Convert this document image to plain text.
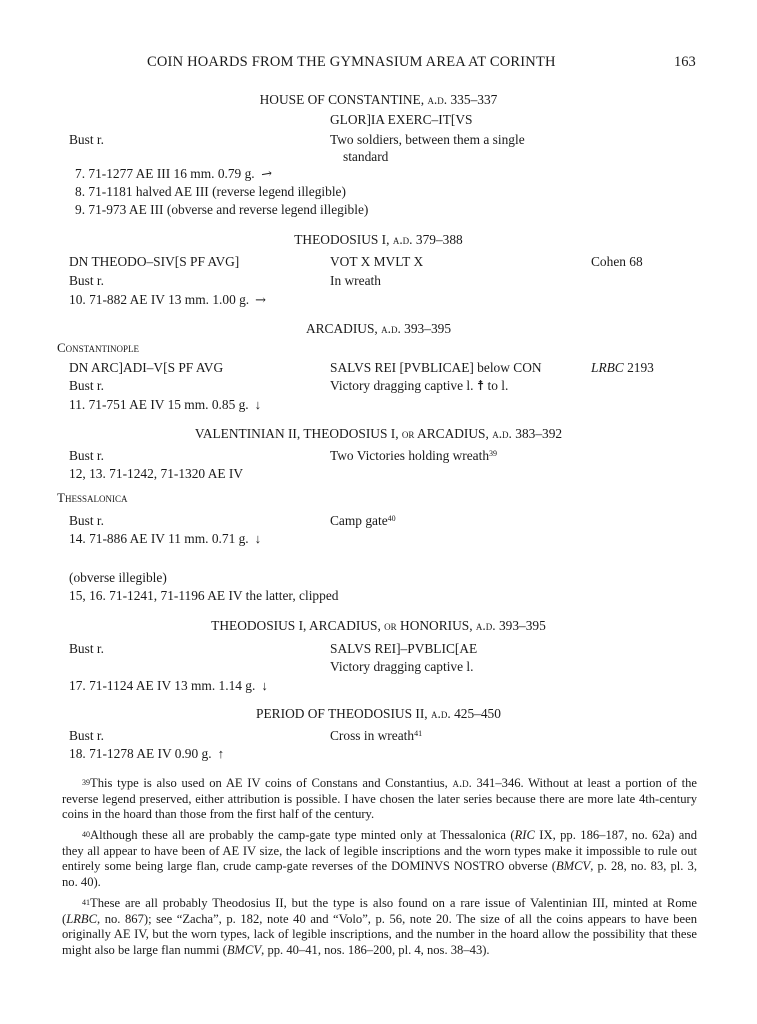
COIN HOARDS FROM THE GYMNASIUM AREA AT CORINTH	163
HOUSE OF CONSTANTINE, a.d. 335–337
GLOR]IA EXERC–IT[VS
Bust r.	Two soldiers, between them a single
standard
7. 71-1277 AE III 16 mm. 0.79 g. ↗
8. 71-1181 halved AE III (reverse legend illegible)
9. 71-973 AE III (obverse and reverse legend illegible)
THEODOSIUS I, a.d. 379–388
DN THEODO–SIV[S PF AVG]	VOT X MVLT X	Cohen 68
Bust r.	In wreath
10. 71-882 AE IV 13 mm. 1.00 g. ↗
ARCADIUS, a.d. 393–395
Constantinople
DN ARC]ADI–V[S PF AVG	SALVS REI [PVBLICAE] below CON	LRBC 2193
Bust r.	Victory dragging captive l. ☨ to l.
11. 71-751 AE IV 15 mm. 0.85 g. ↓
VALENTINIAN II, THEODOSIUS I, or ARCADIUS, a.d. 383–392
Bust r.	Two Victories holding wreath$^{39}$
12, 13. 71-1242, 71-1320 AE IV
Thessalonica
Bust r.	Camp gate$^{40}$
14. 71-886 AE IV 11 mm. 0.71 g. ↓
(obverse illegible)
15, 16. 71-1241, 71-1196 AE IV the latter, clipped
THEODOSIUS I, ARCADIUS, or HONORIUS, a.d. 393–395
Bust r.	SALVS REI]–PVBLIC[AE
Victory dragging captive l.
17. 71-1124 AE IV 13 mm. 1.14 g. ↓
PERIOD OF THEODOSIUS II, a.d. 425–450
Bust r.	Cross in wreath$^{41}$
18. 71-1278 AE IV 0.90 g. ↑
$^{39}$This type is also used on AE IV coins of Constans and Constantius, a.d. 341–346. Without at least a portion of the reverse legend preserved, either attribution is possible. I have chosen the later series because there are more late 4th-century coins in the hoard than those from the first half of the century.
$^{40}$Although these all are probably the camp-gate type minted only at Thessalonica (RIC IX, pp. 186–187, no. 62a) and they all appear to have been of AE IV size, the lack of legible inscriptions and the worn types make it impossible to rule out entirely some being large flan, crude camp-gate reverses of the DOMINVS NOSTRO obverse (BMCV, p. 28, no. 83, pl. 3, no. 40).
$^{41}$These are all probably Theodosius II, but the type is also found on a rare issue of Valentinian III, minted at Rome (LRBC, no. 867); see “Zacha”, p. 182, note 40 and “Volo”, p. 56, note 20. The size of all the coins appears to have been originally AE IV, but the worn types, lack of legible inscriptions, and the number in the hoard allow the possibility that these might also be large flan nummi (BMCV, pp. 40–41, nos. 186–200, pl. 4, nos. 38–43).
